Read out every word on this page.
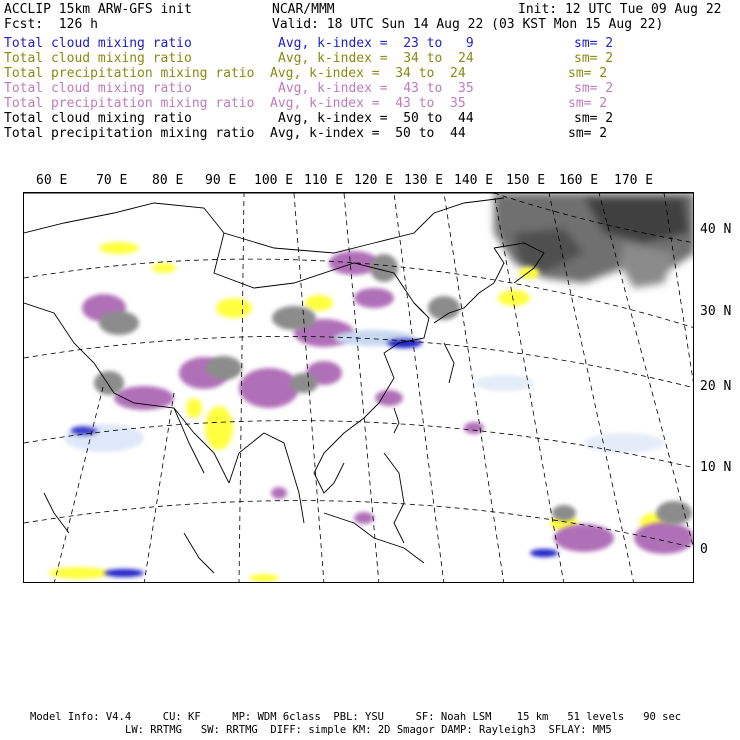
ACCLIP 15km ARW-GFS init	NCAR/MMM	Init: 12 UTC Tue 09 Aug 22
Fcst:  126 h	Valid: 18 UTC Sun 14 Aug 22 (03 KST Mon 15 Aug 22)
Total cloud mixing ratio	Avg, k-index =  23 to   9	sm= 2
Total cloud mixing ratio	Avg, k-index =  34 to  24	sm= 2
Total precipitation mixing ratio Avg, k-index =  34 to  24	sm= 2
Total cloud mixing ratio	Avg, k-index =  43 to  35	sm= 2
Total precipitation mixing ratio Avg, k-index =  43 to  35	sm= 2
Total cloud mixing ratio	Avg, k-index =  50 to  44	sm= 2
Total precipitation mixing ratio Avg, k-index =  50 to  44	sm= 2
60 E 70 E 80 E 90 E 100 E 110 E 120 E 130 E 140 E 150 E 160 E 170 E
40 N
30 N
20 N
10 N
0
Model Info: V4.4     CU: KF     MP: WDM 6class  PBL: YSU     SF: Noah LSM    15 km   51 levels   90 sec
LW: RRTMG   SW: RRTMG  DIFF: simple KM: 2D Smagor DAMP: Rayleigh3  SFLAY: MM5
